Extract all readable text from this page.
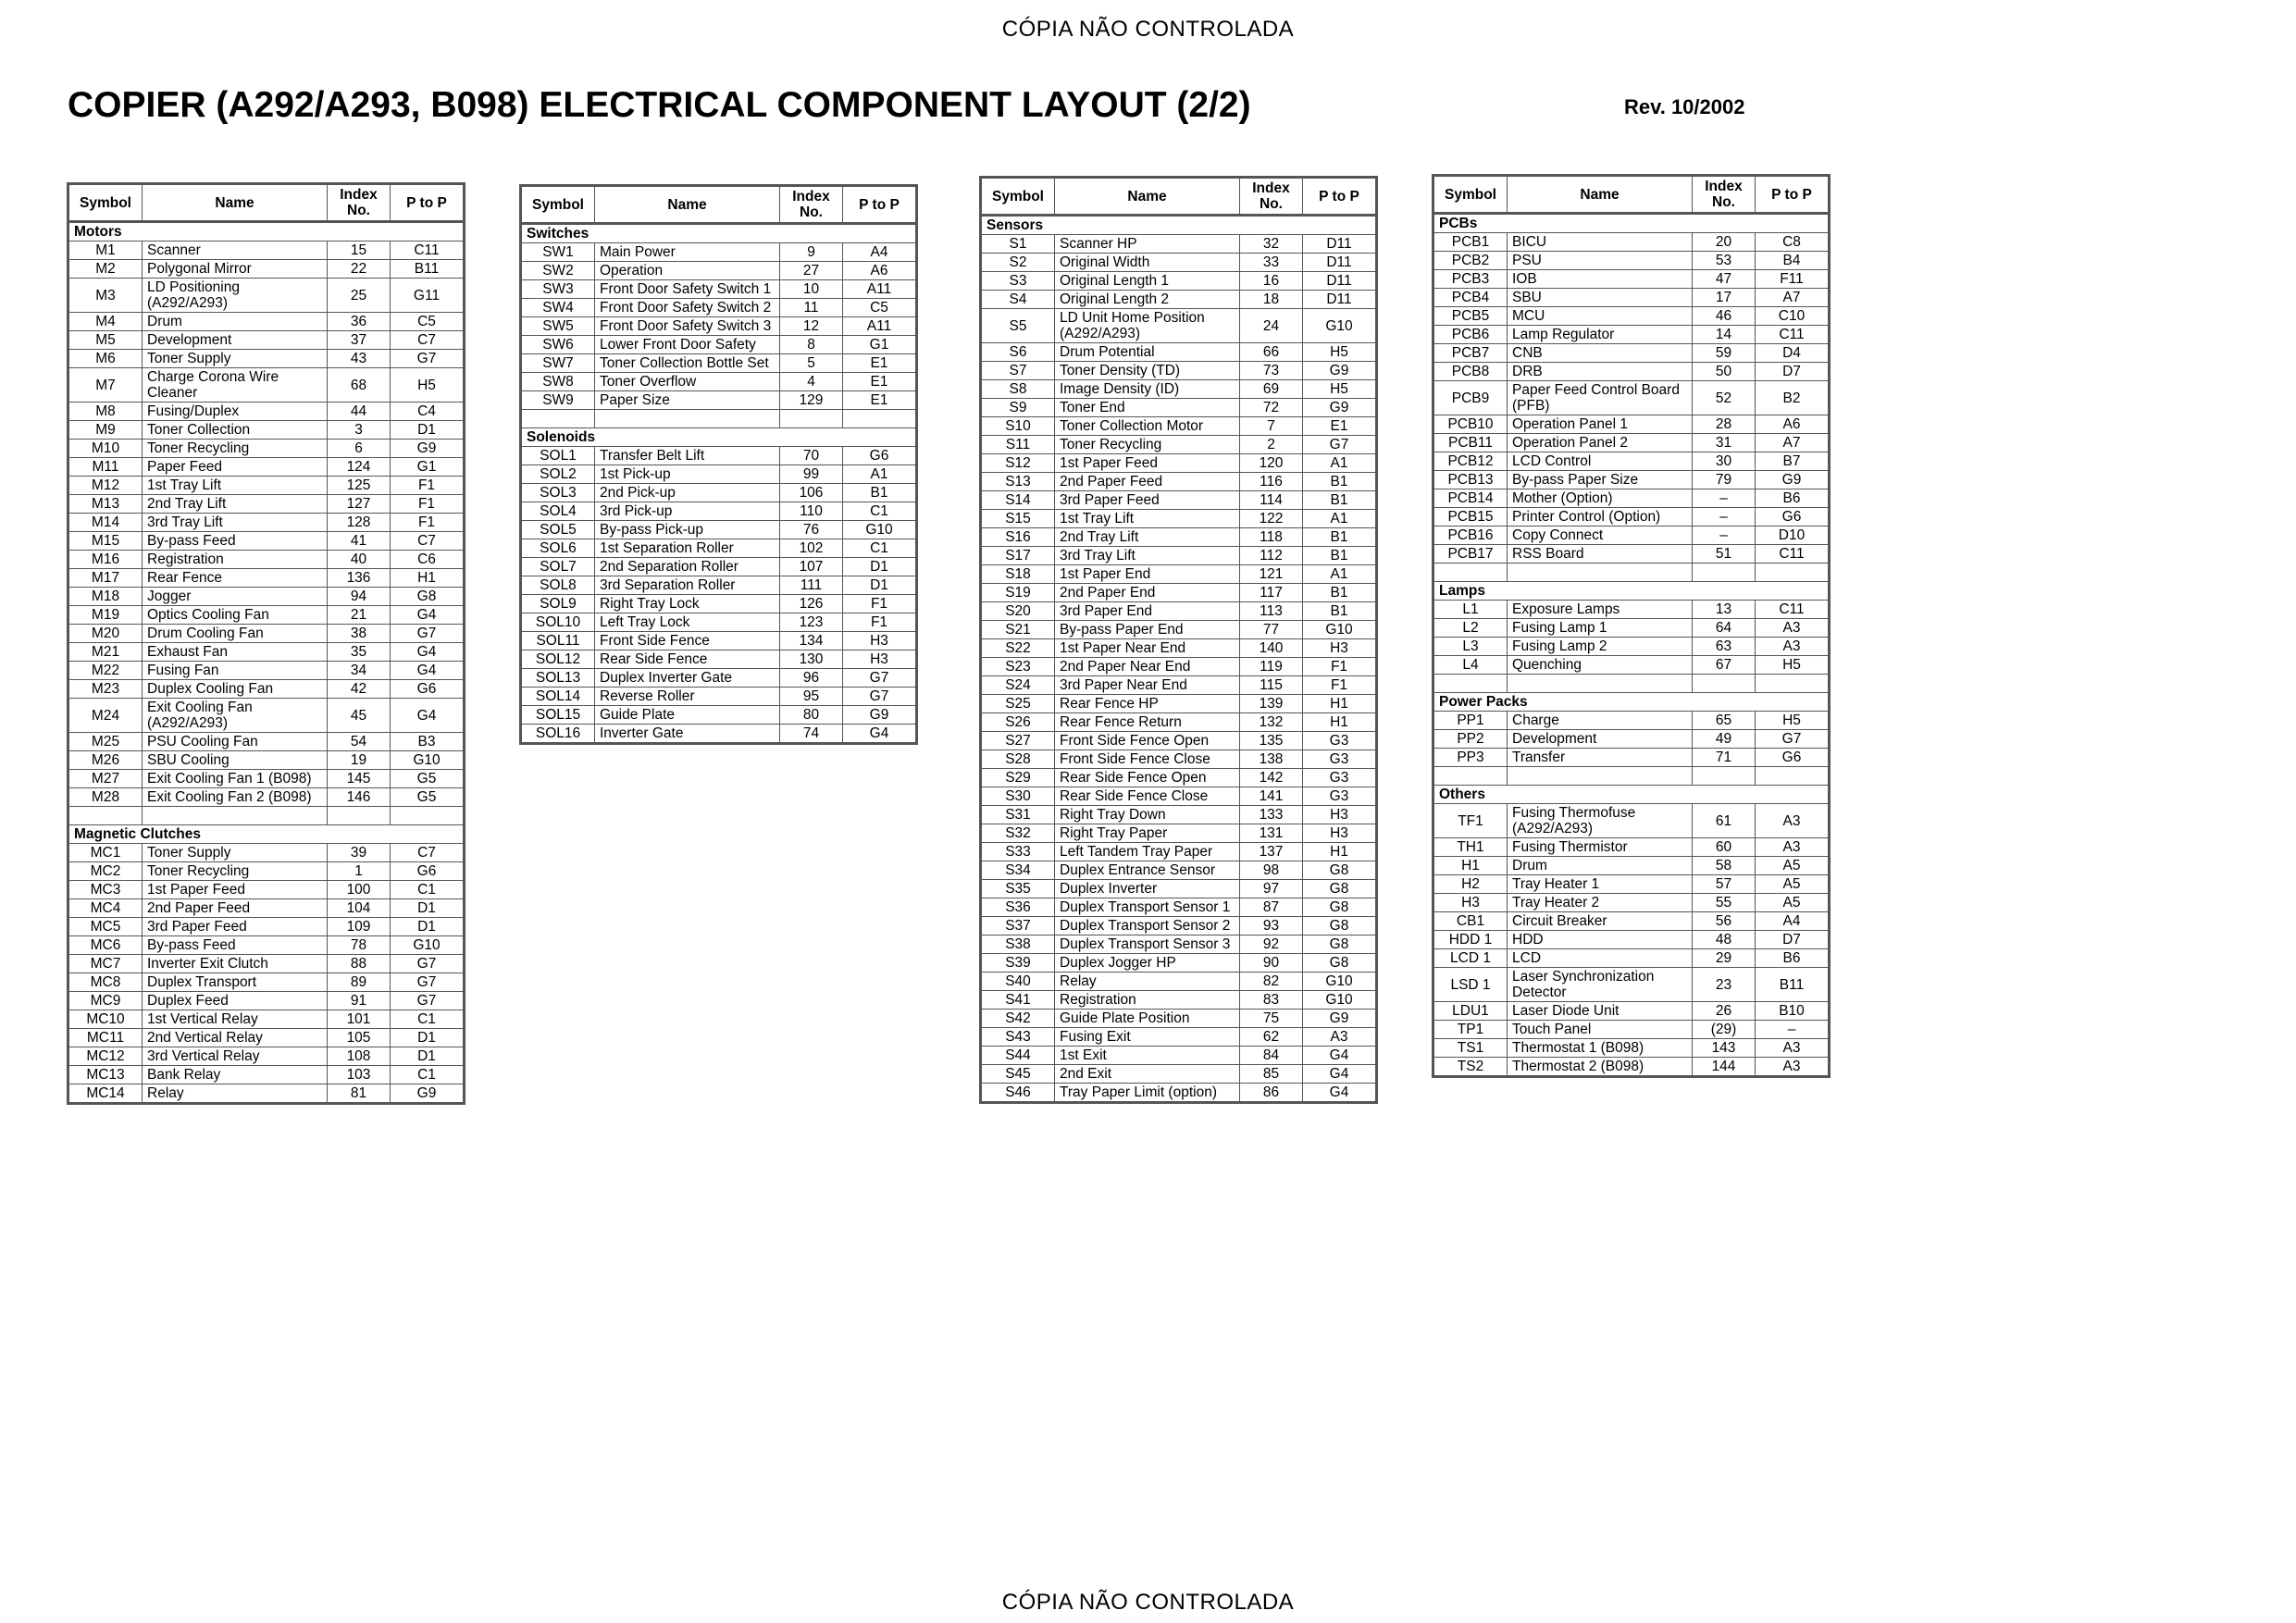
CÓPIA NÃO CONTROLADA
COPIER (A292/A293, B098) ELECTRICAL COMPONENT LAYOUT (2/2)	Rev. 10/2002
Symbol	Name	Index No.	P to P
Motors			
M1	Scanner	15	C11
M2	Polygonal Mirror	22	B11
M3	LD Positioning (A292/A293)	25	G11
M4	Drum	36	C5
M5	Development	37	C7
M6	Toner Supply	43	G7
M7	Charge Corona Wire Cleaner	68	H5
M8	Fusing/Duplex	44	C4
M9	Toner Collection	3	D1
M10	Toner Recycling	6	G9
M11	Paper Feed	124	G1
M12	1st Tray Lift	125	F1
M13	2nd Tray Lift	127	F1
M14	3rd Tray Lift	128	F1
M15	By-pass Feed	41	C7
M16	Registration	40	C6
M17	Rear Fence	136	H1
M18	Jogger	94	G8
M19	Optics Cooling Fan	21	G4
M20	Drum Cooling Fan	38	G7
M21	Exhaust Fan	35	G4
M22	Fusing Fan	34	G4
M23	Duplex Cooling Fan	42	G6
M24	Exit Cooling Fan (A292/A293)	45	G4
M25	PSU Cooling Fan	54	B3
M26	SBU Cooling	19	G10
M27	Exit Cooling Fan 1 (B098)	145	G5
M28	Exit Cooling Fan 2 (B098)	146	G5

Magnetic Clutches			
MC1	Toner Supply	39	C7
MC2	Toner Recycling	1	G6
MC3	1st Paper Feed	100	C1
MC4	2nd Paper Feed	104	D1
MC5	3rd Paper Feed	109	D1
MC6	By-pass Feed	78	G10
MC7	Inverter Exit Clutch	88	G7
MC8	Duplex Transport	89	G7
MC9	Duplex Feed	91	G7
MC10	1st Vertical Relay	101	C1
MC11	2nd Vertical Relay	105	D1
MC12	3rd Vertical Relay	108	D1
MC13	Bank Relay	103	C1
MC14	Relay	81	G9
Symbol	Name	Index No.	P to P
Switches			
SW1	Main Power	9	A4
SW2	Operation	27	A6
SW3	Front Door Safety Switch 1	10	A11
SW4	Front Door Safety Switch 2	11	C5
SW5	Front Door Safety Switch 3	12	A11
SW6	Lower Front Door Safety	8	G1
SW7	Toner Collection Bottle Set	5	E1
SW8	Toner Overflow	4	E1
SW9	Paper Size	129	E1

Solenoids			
SOL1	Transfer Belt Lift	70	G6
SOL2	1st Pick-up	99	A1
SOL3	2nd Pick-up	106	B1
SOL4	3rd Pick-up	110	C1
SOL5	By-pass Pick-up	76	G10
SOL6	1st Separation Roller	102	C1
SOL7	2nd Separation Roller	107	D1
SOL8	3rd Separation Roller	111	D1
SOL9	Right Tray Lock	126	F1
SOL10	Left Tray Lock	123	F1
SOL11	Front Side Fence	134	H3
SOL12	Rear Side Fence	130	H3
SOL13	Duplex Inverter Gate	96	G7
SOL14	Reverse Roller	95	G7
SOL15	Guide Plate	80	G9
SOL16	Inverter Gate	74	G4
Symbol	Name	Index No.	P to P
Sensors			
S1	Scanner HP	32	D11
S2	Original Width	33	D11
S3	Original Length 1	16	D11
S4	Original Length 2	18	D11
S5	LD Unit Home Position (A292/A293)	24	G10
S6	Drum Potential	66	H5
S7	Toner Density (TD)	73	G9
S8	Image Density (ID)	69	H5
S9	Toner End	72	G9
S10	Toner Collection Motor	7	E1
S11	Toner Recycling	2	G7
S12	1st Paper Feed	120	A1
S13	2nd Paper Feed	116	B1
S14	3rd Paper Feed	114	B1
S15	1st Tray Lift	122	A1
S16	2nd Tray Lift	118	B1
S17	3rd Tray Lift	112	B1
S18	1st Paper End	121	A1
S19	2nd Paper End	117	B1
S20	3rd Paper End	113	B1
S21	By-pass Paper End	77	G10
S22	1st Paper Near End	140	H3
S23	2nd Paper Near End	119	F1
S24	3rd Paper Near End	115	F1
S25	Rear Fence HP	139	H1
S26	Rear Fence Return	132	H1
S27	Front Side Fence Open	135	G3
S28	Front Side Fence Close	138	G3
S29	Rear Side Fence Open	142	G3
S30	Rear Side Fence Close	141	G3
S31	Right Tray Down	133	H3
S32	Right Tray Paper	131	H3
S33	Left Tandem Tray Paper	137	H1
S34	Duplex Entrance Sensor	98	G8
S35	Duplex Inverter	97	G8
S36	Duplex Transport Sensor 1	87	G8
S37	Duplex Transport Sensor 2	93	G8
S38	Duplex Transport Sensor 3	92	G8
S39	Duplex Jogger HP	90	G8
S40	Relay	82	G10
S41	Registration	83	G10
S42	Guide Plate Position	75	G9
S43	Fusing Exit	62	A3
S44	1st Exit	84	G4
S45	2nd Exit	85	G4
S46	Tray Paper Limit (option)	86	G4
Symbol	Name	Index No.	P to P
PCBs			
PCB1	BICU	20	C8
PCB2	PSU	53	B4
PCB3	IOB	47	F11
PCB4	SBU	17	A7
PCB5	MCU	46	C10
PCB6	Lamp Regulator	14	C11
PCB7	CNB	59	D4
PCB8	DRB	50	D7
PCB9	Paper Feed Control Board (PFB)	52	B2
PCB10	Operation Panel 1	28	A6
PCB11	Operation Panel 2	31	A7
PCB12	LCD Control	30	B7
PCB13	By-pass Paper Size	79	G9
PCB14	Mother (Option)	–	B6
PCB15	Printer Control (Option)	–	G6
PCB16	Copy Connect	–	D10
PCB17	RSS Board	51	C11

Lamps			
L1	Exposure Lamps	13	C11
L2	Fusing Lamp 1	64	A3
L3	Fusing Lamp 2	63	A3
L4	Quenching	67	H5

Power Packs			
PP1	Charge	65	H5
PP2	Development	49	G7
PP3	Transfer	71	G6

Others			
TF1	Fusing Thermofuse (A292/A293)	61	A3
TH1	Fusing Thermistor	60	A3
H1	Drum	58	A5
H2	Tray Heater 1	57	A5
H3	Tray Heater 2	55	A5
CB1	Circuit Breaker	56	A4
HDD 1	HDD	48	D7
LCD 1	LCD	29	B6
LSD 1	Laser Synchronization Detector	23	B11
LDU1	Laser Diode Unit	26	B10
TP1	Touch Panel	(29)	–
TS1	Thermostat 1 (B098)	143	A3
TS2	Thermostat 2 (B098)	144	A3
CÓPIA NÃO CONTROLADA
